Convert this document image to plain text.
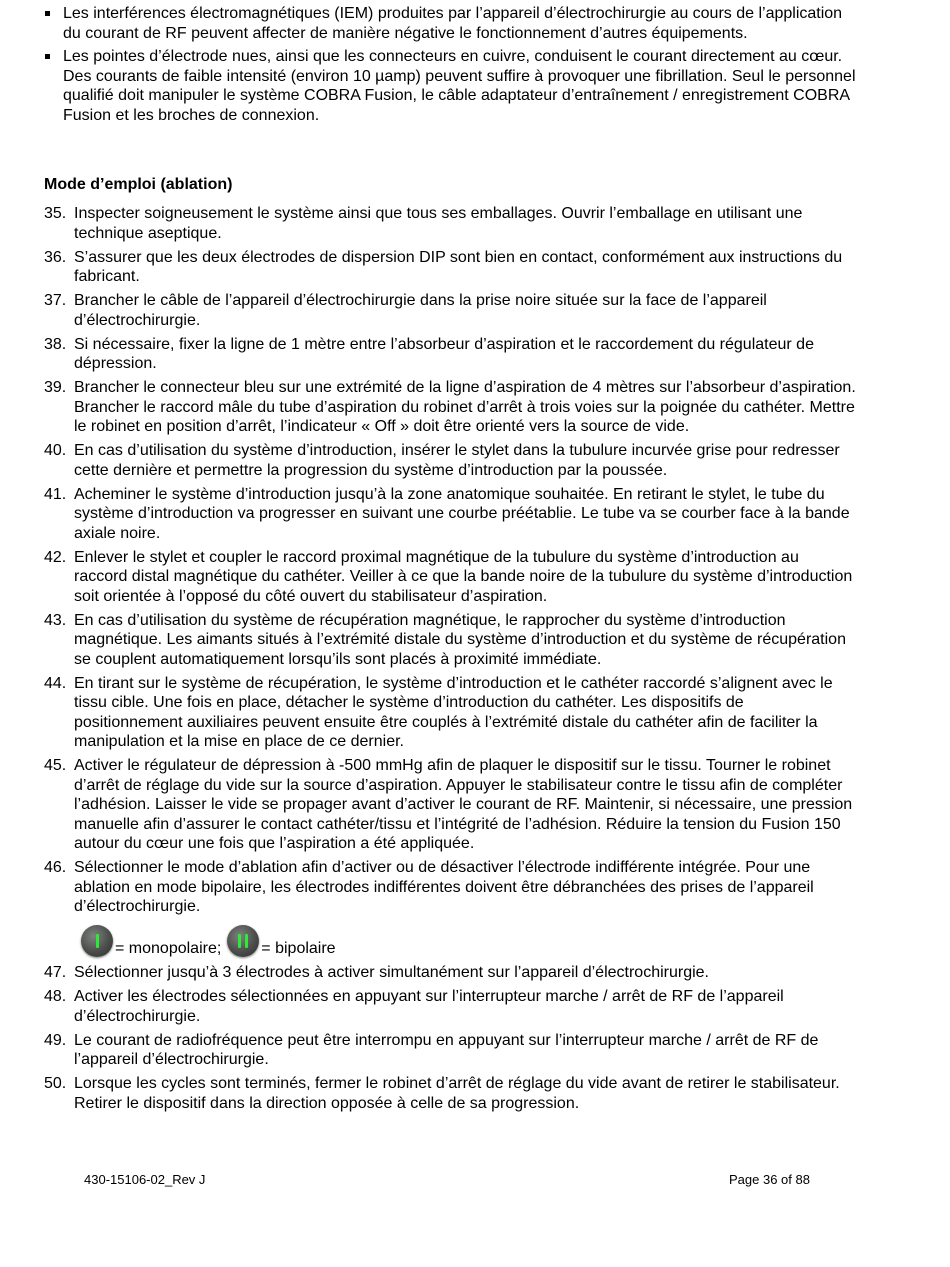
Les interférences électromagnétiques (IEM) produites par l’appareil d’électrochirurgie au cours de l’application du courant de RF peuvent affecter de manière négative le fonctionnement d’autres équipements.
Les pointes d’électrode nues, ainsi que les connecteurs en cuivre, conduisent le courant directement au cœur. Des courants de faible intensité (environ 10 µamp) peuvent suffire à provoquer une fibrillation. Seul le personnel qualifié doit manipuler le système COBRA Fusion, le câble adaptateur d’entraînement / enregistrement COBRA Fusion et les broches de connexion.
Mode d’emploi (ablation)
35. Inspecter soigneusement le système ainsi que tous ses emballages. Ouvrir l’emballage en utilisant une technique aseptique.
36. S’assurer que les deux électrodes de dispersion DIP sont bien en contact, conformément aux instructions du fabricant.
37. Brancher le câble de l’appareil d’électrochirurgie dans la prise noire située sur la face de l’appareil d’électrochirurgie.
38. Si nécessaire, fixer la ligne de 1 mètre entre l’absorbeur d’aspiration et le raccordement du régulateur de dépression.
39. Brancher le connecteur bleu sur une extrémité de la ligne d’aspiration de 4 mètres sur l’absorbeur d’aspiration. Brancher le raccord mâle du tube d’aspiration du robinet d’arrêt à trois voies sur la poignée du cathéter. Mettre le robinet en position d’arrêt, l’indicateur « Off » doit être orienté vers la source de vide.
40. En cas d’utilisation du système d’introduction, insérer le stylet dans la tubulure incurvée grise pour redresser cette dernière et permettre la progression du système d’introduction par la poussée.
41. Acheminer le système d’introduction jusqu’à la zone anatomique souhaitée. En retirant le stylet, le tube du système d’introduction va progresser en suivant une courbe préétablie. Le tube va se courber face à la bande axiale noire.
42. Enlever le stylet et coupler le raccord proximal magnétique de la tubulure du système d’introduction au raccord distal magnétique du cathéter. Veiller à ce que la bande noire de la tubulure du système d’introduction soit orientée à l’opposé du côté ouvert du stabilisateur d’aspiration.
43. En cas d’utilisation du système de récupération magnétique, le rapprocher du système d’introduction magnétique. Les aimants situés à l’extrémité distale du système d’introduction et du système de récupération se couplent automatiquement lorsqu’ils sont placés à proximité immédiate.
44. En tirant sur le système de récupération, le système d’introduction et le cathéter raccordé s’alignent avec le tissu cible. Une fois en place, détacher le système d’introduction du cathéter. Les dispositifs de positionnement auxiliaires peuvent ensuite être couplés à l’extrémité distale du cathéter afin de faciliter la manipulation et la mise en place de ce dernier.
45. Activer le régulateur de dépression à -500 mmHg afin de plaquer le dispositif sur le tissu. Tourner le robinet d’arrêt de réglage du vide sur la source d’aspiration. Appuyer le stabilisateur contre le tissu afin de compléter l’adhésion. Laisser le vide se propager avant d’activer le courant de RF. Maintenir, si nécessaire, une pression manuelle afin d’assurer le contact cathéter/tissu et l’intégrité de l’adhésion. Réduire la tension du Fusion 150 autour du cœur une fois que l’aspiration a été appliquée.
46. Sélectionner le mode d’ablation afin d’activer ou de désactiver l’électrode indifférente intégrée. Pour une ablation en mode bipolaire, les électrodes indifférentes doivent être débranchées des prises de l’appareil d’électrochirurgie.
= monopolaire;	= bipolaire
47. Sélectionner jusqu’à 3 électrodes à activer simultanément sur l’appareil d’électrochirurgie.
48. Activer les électrodes sélectionnées en appuyant sur l’interrupteur marche / arrêt de RF de l’appareil d’électrochirurgie.
49. Le courant de radiofréquence peut être interrompu en appuyant sur l’interrupteur marche / arrêt de RF de l’appareil d’électrochirurgie.
50. Lorsque les cycles sont terminés, fermer le robinet d’arrêt de réglage du vide avant de retirer le stabilisateur. Retirer le dispositif dans la direction opposée à celle de sa progression.
430-15106-02_Rev J	Page 36 of 88
